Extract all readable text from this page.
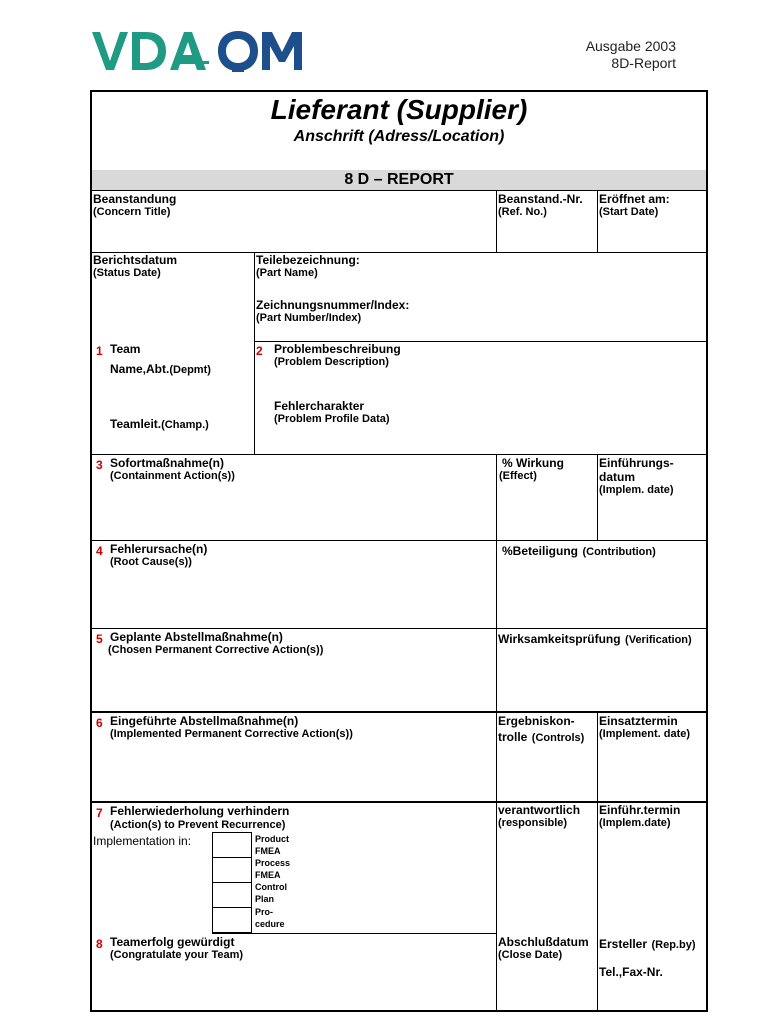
Ausgabe 2003
8D-Report
Lieferant (Supplier)
Anschrift (Adress/Location)
8 D – REPORT
Beanstandung
(Concern Title)
Beanstand.-Nr.
(Ref. No.)
Eröffnet am:
(Start Date)
Berichtsdatum
(Status Date)
Teilebezeichnung:
(Part Name)
Zeichnungsnummer/Index:
(Part Number/Index)
1 Team
Name,Abt.(Depmt)
Teamleit.(Champ.)
2 Problembeschreibung
(Problem Description)
Fehlercharakter
(Problem Profile Data)
3 Sofortmaßnahme(n)
(Containment Action(s))
% Wirkung
(Effect)
Einführungs-
datum
(Implem. date)
4 Fehlerursache(n)
(Root Cause(s))
%Beteiligung (Contribution)
5 Geplante Abstellmaßnahme(n)
(Chosen Permanent Corrective Action(s))
Wirksamkeitsprüfung (Verification)
6 Eingeführte Abstellmaßnahme(n)
(Implemented Permanent Corrective Action(s))
Ergebniskon-
trolle (Controls)
Einsatztermin
(Implement. date)
7 Fehlerwiederholung verhindern
(Action(s) to Prevent Recurrence)
Implementation in:	Product
FMEA
Process
FMEA
Control
Plan
Pro-
cedure
verantwortlich
(responsible)
Einführ.termin
(Implem.date)
8 Teamerfolg gewürdigt
(Congratulate your Team)
Abschlußdatum
(Close Date)
Ersteller (Rep.by)
Tel.,Fax-Nr.
